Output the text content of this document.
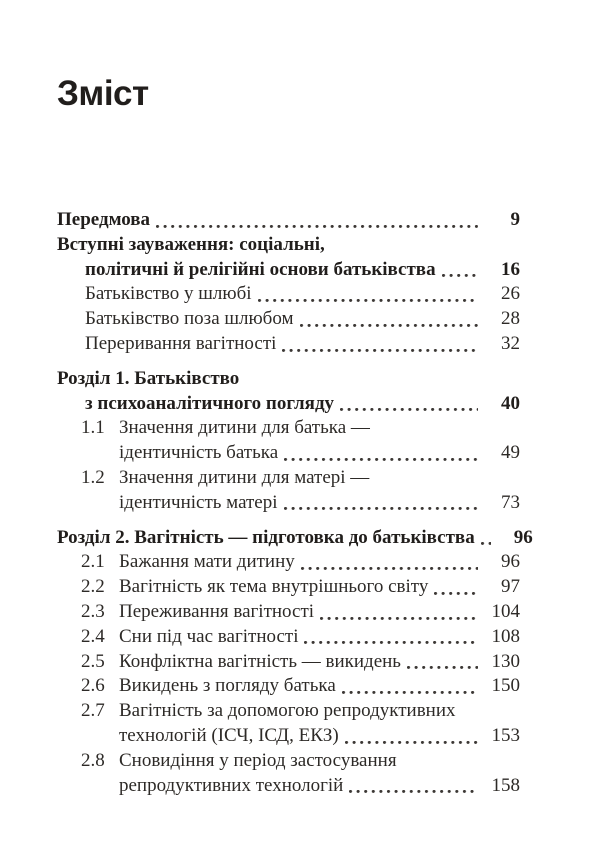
Зміст
Передмова	9
Вступні зауваження: соціальні,
політичні й релігійні основи батьківства	16
Батьківство у шлюбі	26
Батьківство поза шлюбом	28
Переривання вагітності	32
Розділ 1. Батьківство
з психоаналітичного погляду	40
1.1 Значення дитини для батька —
ідентичність батька	49
1.2 Значення дитини для матері —
ідентичність матері	73
Розділ 2. Вагітність — підготовка до батьківства	96
2.1 Бажання мати дитину	96
2.2 Вагітність як тема внутрішнього світу	97
2.3 Переживання вагітності	104
2.4 Сни під час вагітності	108
2.5 Конфліктна вагітність — викидень	130
2.6 Викидень з погляду батька	150
2.7 Вагітність за допомогою репродуктивних
технологій (ІСЧ, ІСД, ЕКЗ)	153
2.8 Сновидіння у період застосування
репродуктивних технологій	158
